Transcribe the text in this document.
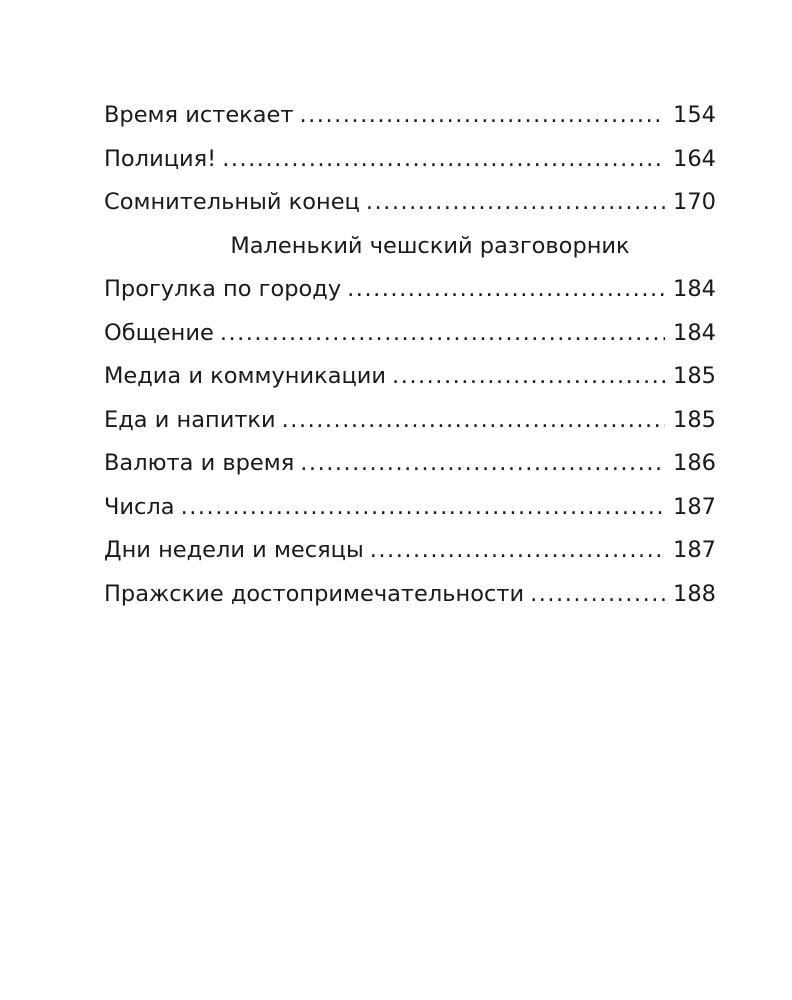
Время истекает .....	154
Полиция! .....	164
Сомнительный конец .....	170
Маленький чешский разговорник
Прогулка по городу .....	184
Общение .....	184
Медиа и коммуникации .....	185
Еда и напитки .....	185
Валюта и время .....	186
Числа .....	187
Дни недели и месяцы .....	187
Пражские достопримечательности .....	188
